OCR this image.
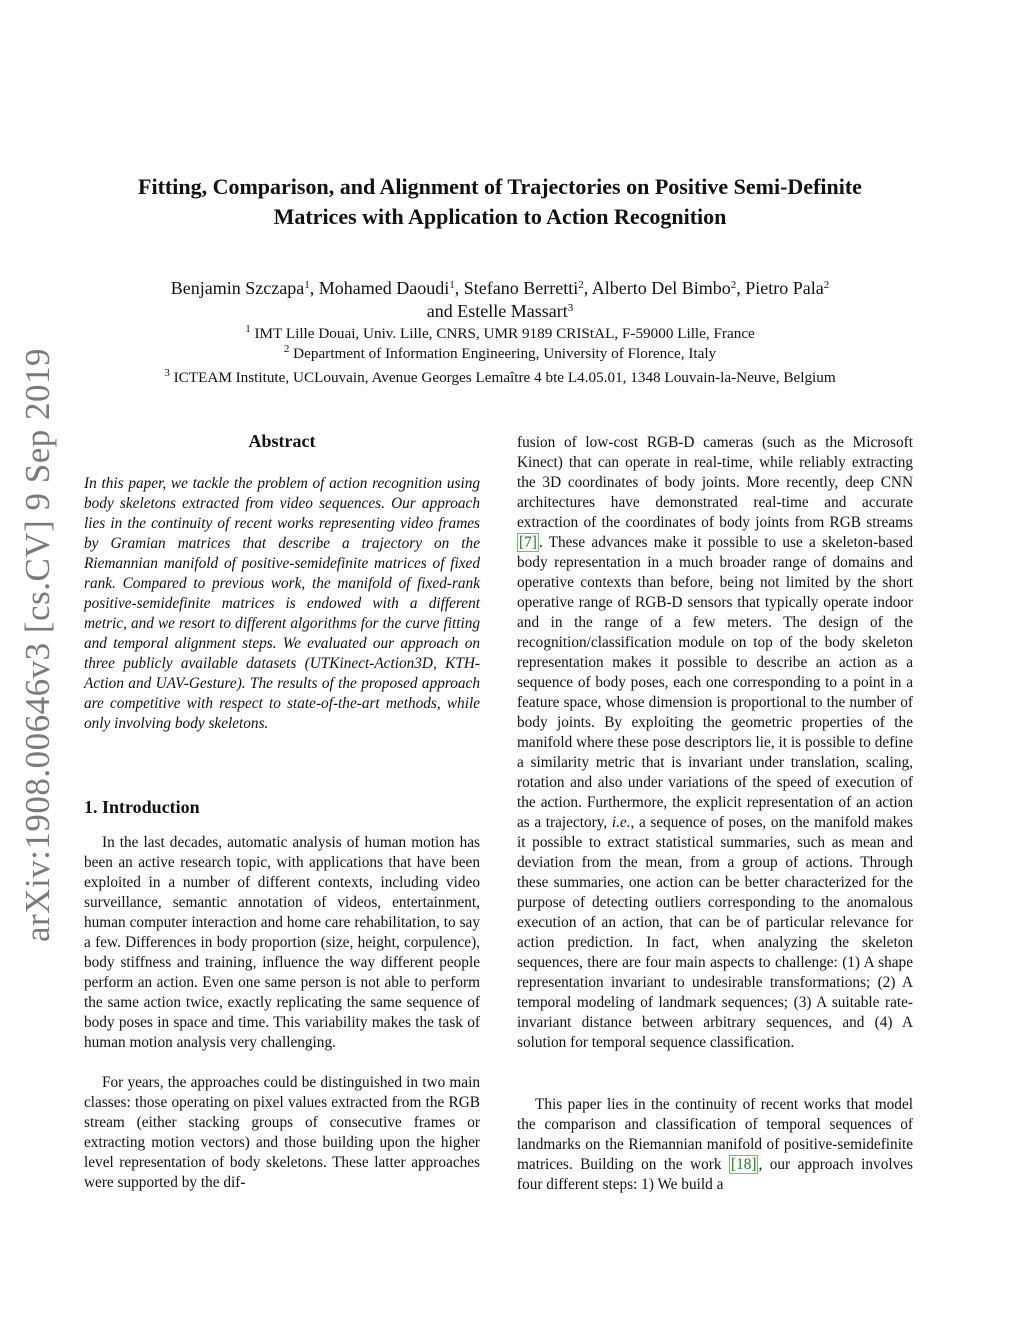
arXiv:1908.00646v3 [cs.CV] 9 Sep 2019
Fitting, Comparison, and Alignment of Trajectories on Positive Semi-Definite
Matrices with Application to Action Recognition
Benjamin Szczapa$^1$, Mohamed Daoudi$^1$, Stefano Berretti$^2$, Alberto Del Bimbo$^2$, Pietro Pala$^2$
and Estelle Massart$^3$
$^1$ IMT Lille Douai, Univ. Lille, CNRS, UMR 9189 CRIStAL, F-59000 Lille, France
$^2$ Department of Information Engineering, University of Florence, Italy
$^3$ ICTEAM Institute, UCLouvain, Avenue Georges Lemaître 4 bte L4.05.01, 1348 Louvain-la-Neuve, Belgium
Abstract

In this paper, we tackle the problem of action recognition using body skeletons extracted from video sequences. Our approach lies in the continuity of recent works representing video frames by Gramian matrices that describe a trajectory on the Riemannian manifold of positive-semidefinite matrices of fixed rank. Compared to previous work, the manifold of fixed-rank positive-semidefinite matrices is endowed with a different metric, and we resort to different algorithms for the curve fitting and temporal alignment steps. We evaluated our approach on three publicly available datasets (UTKinect-Action3D, KTH-Action and UAV-Gesture). The results of the proposed approach are competitive with respect to state-of-the-art methods, while only involving body skeletons.

1. Introduction

In the last decades, automatic analysis of human motion has been an active research topic, with applications that have been exploited in a number of different contexts, including video surveillance, semantic annotation of videos, entertainment, human computer interaction and home care rehabilitation, to say a few. Differences in body proportion (size, height, corpulence), body stiffness and training, influence the way different people perform an action. Even one same person is not able to perform the same action twice, exactly replicating the same sequence of body poses in space and time. This variability makes the task of human motion analysis very challenging.

For years, the approaches could be distinguished in two main classes: those operating on pixel values extracted from the RGB stream (either stacking groups of consecutive frames or extracting motion vectors) and those building upon the higher level representation of body skeletons. These latter approaches were supported by the dif-

fusion of low-cost RGB-D cameras (such as the Microsoft Kinect) that can operate in real-time, while reliably extracting the 3D coordinates of body joints. More recently, deep CNN architectures have demonstrated real-time and accurate extraction of the coordinates of body joints from RGB streams [7] . These advances make it possible to use a skeleton-based body representation in a much broader range of domains and operative contexts than before, being not limited by the short operative range of RGB-D sensors that typically operate indoor and in the range of a few meters. The design of the recognition/classification module on top of the body skeleton representation makes it possible to describe an action as a sequence of body poses, each one corresponding to a point in a feature space, whose dimension is proportional to the number of body joints. By exploiting the geometric properties of the manifold where these pose descriptors lie, it is possible to define a similarity metric that is invariant under translation, scaling, rotation and also under variations of the speed of execution of the action. Furthermore, the explicit representation of an action as a trajectory, i.e., a sequence of poses, on the manifold makes it possible to extract statistical summaries, such as mean and deviation from the mean, from a group of actions. Through these summaries, one action can be better characterized for the purpose of detecting outliers corresponding to the anomalous execution of an action, that can be of particular relevance for action prediction. In fact, when analyzing the skeleton sequences, there are four main aspects to challenge: (1) A shape representation invariant to undesirable transformations; (2) A temporal modeling of landmark sequences; (3) A suitable rate-invariant distance between arbitrary sequences, and (4) A solution for temporal sequence classification.

This paper lies in the continuity of recent works that model the comparison and classification of temporal sequences of landmarks on the Riemannian manifold of positive-semidefinite matrices. Building on the work [18] , our approach involves four different steps: 1) We build a
